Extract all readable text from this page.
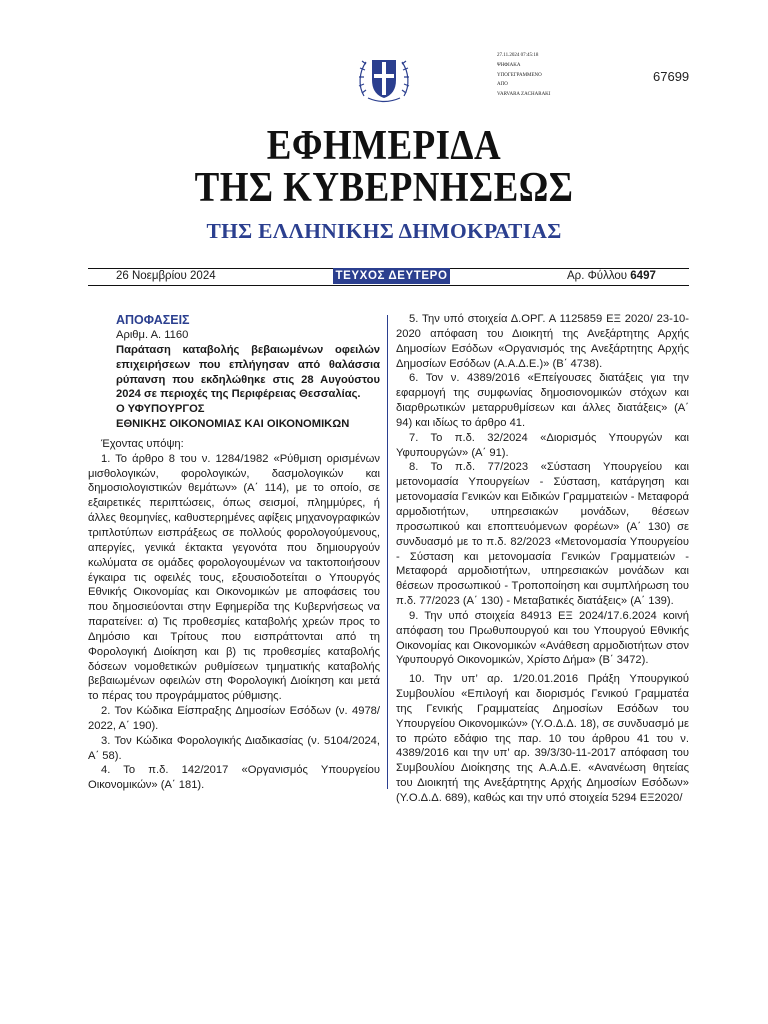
27.11.2024 07:45:18
ΨΗΦΙΑΚΑ
ΥΠΟΓΕΓΡΑΜΜΕΝΟ
ΑΠΟ
VARVARA ZACHARAKI
67699
ΕΦΗΜΕΡΙΔΑ
ΤΗΣ ΚΥΒΕΡΝΗΣΕΩΣ
ΤΗΣ ΕΛΛΗΝΙΚΗΣ ΔΗΜΟΚΡΑΤΙΑΣ
26 Νοεμβρίου 2024	ΤΕΥΧΟΣ ΔΕΥΤΕΡΟ	Αρ. Φύλλου 6497

ΑΠΟΦΑΣΕΙΣ

Αριθμ. Α. 1160

Παράταση καταβολής βεβαιωμένων οφειλών επιχειρήσεων που επλήγησαν από θαλάσσια ρύπανση που εκδηλώθηκε στις 28 Αυγούστου 2024 σε περιοχές της Περιφέρειας Θεσσαλίας.

Ο ΥΦΥΠΟΥΡΓΟΣ

ΕΘΝΙΚΗΣ ΟΙΚΟΝΟΜΙΑΣ ΚΑΙ ΟΙΚΟΝΟΜΙΚΩΝ

Έχοντας υπόψη:

1. Το άρθρο 8 του ν. 1284/1982 «Ρύθμιση ορισμένων μισθολογικών, φορολογικών, δασμολογικών και δημοσιολογιστικών θεμάτων» (Α΄ 114), με το οποίο, σε εξαιρετικές περιπτώσεις, όπως σεισμοί, πλημμύρες, ή άλλες θεομηνίες, καθυστερημένες αφίξεις μηχανογραφικών τριπλοτύπων εισπράξεως σε πολλούς φορολογούμενους, απεργίες, γενικά έκτακτα γεγονότα που δημιουργούν κωλύματα σε ομάδες φορολογουμένων να τακτοποιήσουν έγκαιρα τις οφειλές τους, εξουσιοδοτείται ο Υπουργός Εθνικής Οικονομίας και Οικονομικών με αποφάσεις του που δημοσιεύονται στην Εφημερίδα της Κυβερνήσεως να παρατείνει: α) Τις προθεσμίες καταβολής χρεών προς το Δημόσιο και Τρίτους που εισπράττονται από τη Φορολογική Διοίκηση και β) τις προθεσμίες καταβολής δόσεων νομοθετικών ρυθμίσεων τμηματικής καταβολής βεβαιωμένων οφειλών στη Φορολογική Διοίκηση και μετά το πέρας του προγράμματος ρύθμισης.

2. Τον Κώδικα Είσπραξης Δημοσίων Εσόδων (ν. 4978/ 2022, Α΄ 190).

3. Τον Κώδικα Φορολογικής Διαδικασίας (ν. 5104/2024, Α΄ 58).

4. Το π.δ. 142/2017 «Οργανισμός Υπουργείου Οικονομικών» (Α΄ 181).

5. Την υπό στοιχεία Δ.ΟΡΓ. Α 1125859 ΕΞ 2020/ 23-10-2020 απόφαση του Διοικητή της Ανεξάρτητης Αρχής Δημοσίων Εσόδων «Οργανισμός της Ανεξάρτητης Αρχής Δημοσίων Εσόδων (Α.Α.Δ.Ε.)» (Β΄ 4738).

6. Τον ν. 4389/2016 «Επείγουσες διατάξεις για την εφαρμογή της συμφωνίας δημοσιονομικών στόχων και διαρθρωτικών μεταρρυθμίσεων και άλλες διατάξεις» (Α΄ 94) και ιδίως το άρθρο 41.

7. Το π.δ. 32/2024 «Διορισμός Υπουργών και Υφυπουργών» (Α΄ 91).

8. Το π.δ. 77/2023 «Σύσταση Υπουργείου και μετονομασία Υπουργείων - Σύσταση, κατάργηση και μετονομασία Γενικών και Ειδικών Γραμματειών - Μεταφορά αρμοδιοτήτων, υπηρεσιακών μονάδων, θέσεων προσωπικού και εποπτευόμενων φορέων» (Α΄ 130) σε συνδυασμό με το π.δ. 82/2023 «Μετονομασία Υπουργείου - Σύσταση και μετονομασία Γενικών Γραμματειών - Μεταφορά αρμοδιοτήτων, υπηρεσιακών μονάδων και θέσεων προσωπικού - Τροποποίηση και συμπλήρωση του π.δ. 77/2023 (Α΄ 130) - Μεταβατικές διατάξεις» (Α΄ 139).

9. Την υπό στοιχεία 84913 ΕΞ 2024/17.6.2024 κοινή απόφαση του Πρωθυπουργού και του Υπουργού Εθνικής Οικονομίας και Οικονομικών «Ανάθεση αρμοδιοτήτων στον Υφυπουργό Οικονομικών, Χρίστο Δήμα» (Β΄ 3472).

10. Την υπ’ αρ. 1/20.01.2016 Πράξη Υπουργικού Συμβουλίου «Επιλογή και διορισμός Γενικού Γραμματέα της Γενικής Γραμματείας Δημοσίων Εσόδων του Υπουργείου Οικονομικών» (Υ.Ο.Δ.Δ. 18), σε συνδυασμό με το πρώτο εδάφιο της παρ. 10 του άρθρου 41 του ν. 4389/2016 και την υπ’ αρ. 39/3/30-11-2017 απόφαση του Συμβουλίου Διοίκησης της Α.Α.Δ.Ε. «Ανανέωση θητείας του Διοικητή της Ανεξάρτητης Αρχής Δημοσίων Εσόδων» (Υ.Ο.Δ.Δ. 689), καθώς και την υπό στοιχεία 5294 ΕΞ2020/
